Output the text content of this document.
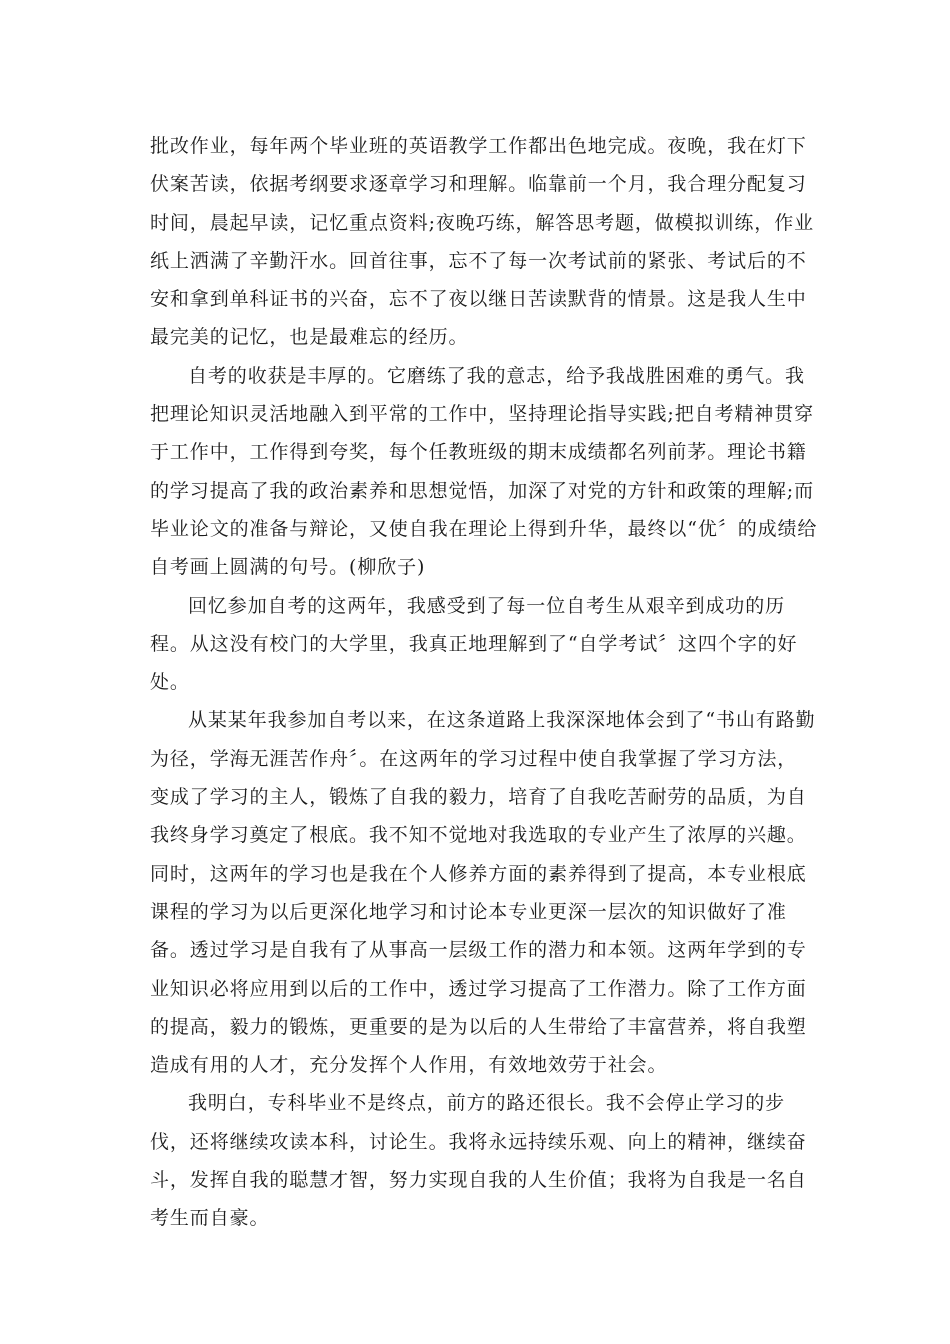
批改作业，每年两个毕业班的英语教学工作都出色地完成。夜晚，我在灯下
伏案苦读，依据考纲要求逐章学习和理解。临靠前一个月，我合理分配复习
时间，晨起早读，记忆重点资料;夜晚巧练，解答思考题，做模拟训练，作业
纸上洒满了辛勤汗水。回首往事，忘不了每一次考试前的紧张、考试后的不
安和拿到单科证书的兴奋，忘不了夜以继日苦读默背的情景。这是我人生中
最完美的记忆，也是最难忘的经历。
自考的收获是丰厚的。它磨练了我的意志，给予我战胜困难的勇气。我
把理论知识灵活地融入到平常的工作中，坚持理论指导实践;把自考精神贯穿
于工作中，工作得到夸奖，每个任教班级的期末成绩都名列前茅。理论书籍
的学习提高了我的政治素养和思想觉悟，加深了对党的方针和政策的理解;而
毕业论文的准备与辩论，又使自我在理论上得到升华，最终以“优〞的成绩给
自考画上圆满的句号。(柳欣子)
回忆参加自考的这两年，我感受到了每一位自考生从艰辛到成功的历
程。从这没有校门的大学里，我真正地理解到了“自学考试〞这四个字的好
处。
从某某年我参加自考以来，在这条道路上我深深地体会到了“书山有路勤
为径，学海无涯苦作舟〞。在这两年的学习过程中使自我掌握了学习方法，
变成了学习的主人，锻炼了自我的毅力，培育了自我吃苦耐劳的品质，为自
我终身学习奠定了根底。我不知不觉地对我选取的专业产生了浓厚的兴趣。
同时，这两年的学习也是我在个人修养方面的素养得到了提高，本专业根底
课程的学习为以后更深化地学习和讨论本专业更深一层次的知识做好了准
备。透过学习是自我有了从事高一层级工作的潜力和本领。这两年学到的专
业知识必将应用到以后的工作中，透过学习提高了工作潜力。除了工作方面
的提高，毅力的锻炼，更重要的是为以后的人生带给了丰富营养，将自我塑
造成有用的人才，充分发挥个人作用，有效地效劳于社会。
我明白，专科毕业不是终点，前方的路还很长。我不会停止学习的步
伐，还将继续攻读本科，讨论生。我将永远持续乐观、向上的精神，继续奋
斗，发挥自我的聪慧才智，努力实现自我的人生价值；我将为自我是一名自
考生而自豪。
